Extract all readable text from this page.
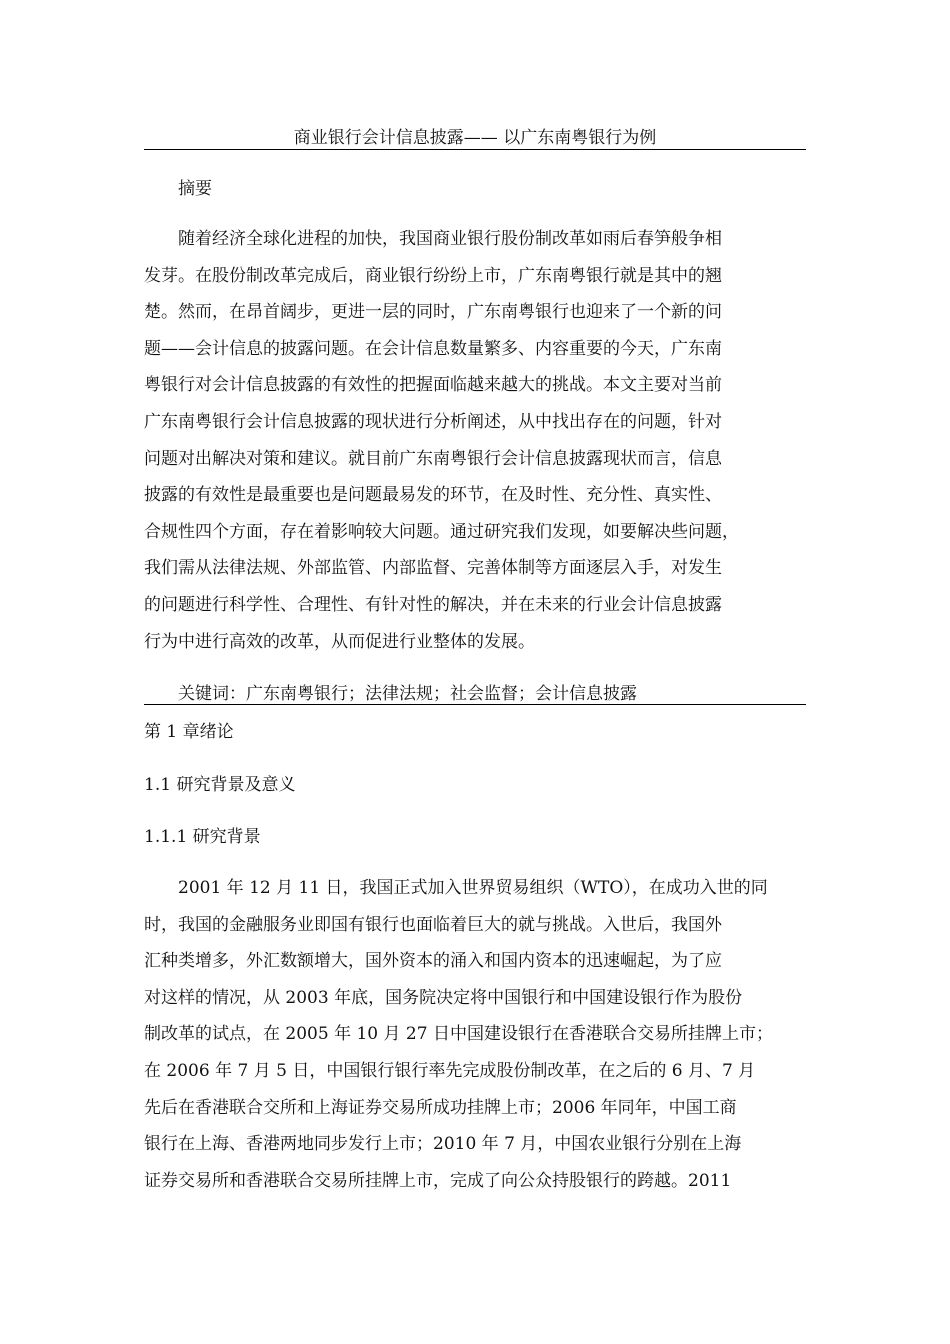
商业银行会计信息披露—— 以广东南粤银行为例
摘要
　　随着经济全球化进程的加快，我国商业银行股份制改革如雨后春笋般争相
发芽。在股份制改革完成后，商业银行纷纷上市，广东南粤银行就是其中的翘
楚。然而，在昂首阔步，更进一层的同时，广东南粤银行也迎来了一个新的问
题——会计信息的披露问题。在会计信息数量繁多、内容重要的今天，广东南
粤银行对会计信息披露的有效性的把握面临越来越大的挑战。本文主要对当前
广东南粤银行会计信息披露的现状进行分析阐述，从中找出存在的问题，针对
问题对出解决对策和建议。就目前广东南粤银行会计信息披露现状而言，信息
披露的有效性是最重要也是问题最易发的环节，在及时性、充分性、真实性、
合规性四个方面，存在着影响较大问题。通过研究我们发现，如要解决些问题，
我们需从法律法规、外部监管、内部监督、完善体制等方面逐层入手，对发生
的问题进行科学性、合理性、有针对性的解决，并在未来的行业会计信息披露
行为中进行高效的改革，从而促进行业整体的发展。
关键词：广东南粤银行；法律法规；社会监督；会计信息披露
第 1 章绪论
1.1 研究背景及意义
1.1.1 研究背景
　　2001 年 12 月 11 日，我国正式加入世界贸易组织（WTO），在成功入世的同
时，我国的金融服务业即国有银行也面临着巨大的就与挑战。入世后，我国外
汇种类增多，外汇数额增大，国外资本的涌入和国内资本的迅速崛起，为了应
对这样的情况，从 2003 年底，国务院决定将中国银行和中国建设银行作为股份
制改革的试点，在 2005 年 10 月 27 日中国建设银行在香港联合交易所挂牌上市；
在 2006 年 7 月 5 日，中国银行银行率先完成股份制改革，在之后的 6 月、7 月
先后在香港联合交所和上海证券交易所成功挂牌上市；2006 年同年，中国工商
银行在上海、香港两地同步发行上市；2010 年 7 月，中国农业银行分别在上海
证券交易所和香港联合交易所挂牌上市，完成了向公众持股银行的跨越。2011
